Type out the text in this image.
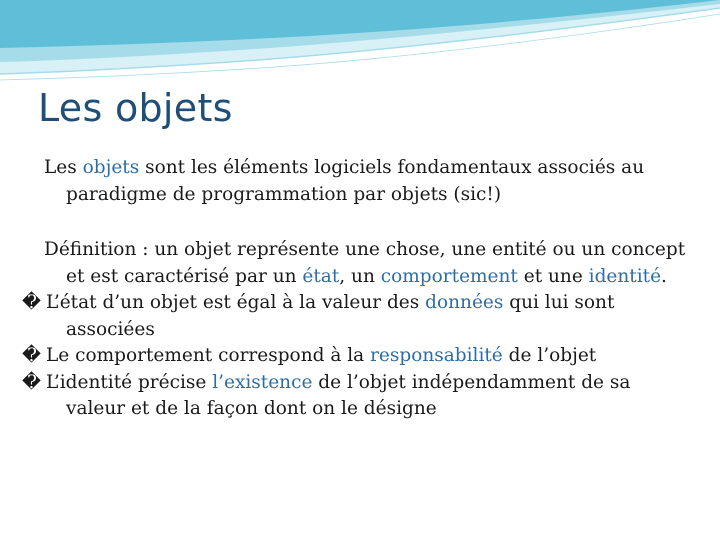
Les objets

Les objets sont les éléments logiciels fondamentaux associés au paradigme de programmation par objets (sic!)

Définition : un objet représente une chose, une entité ou un concept et est caractérisé par un état, un comportement et une identité.

� L’état d’un objet est égal à la valeur des données qui lui sont associées

� Le comportement correspond à la responsabilité de l’objet

� L’identité précise l’existence de l’objet indépendamment de sa valeur et de la façon dont on le désigne
